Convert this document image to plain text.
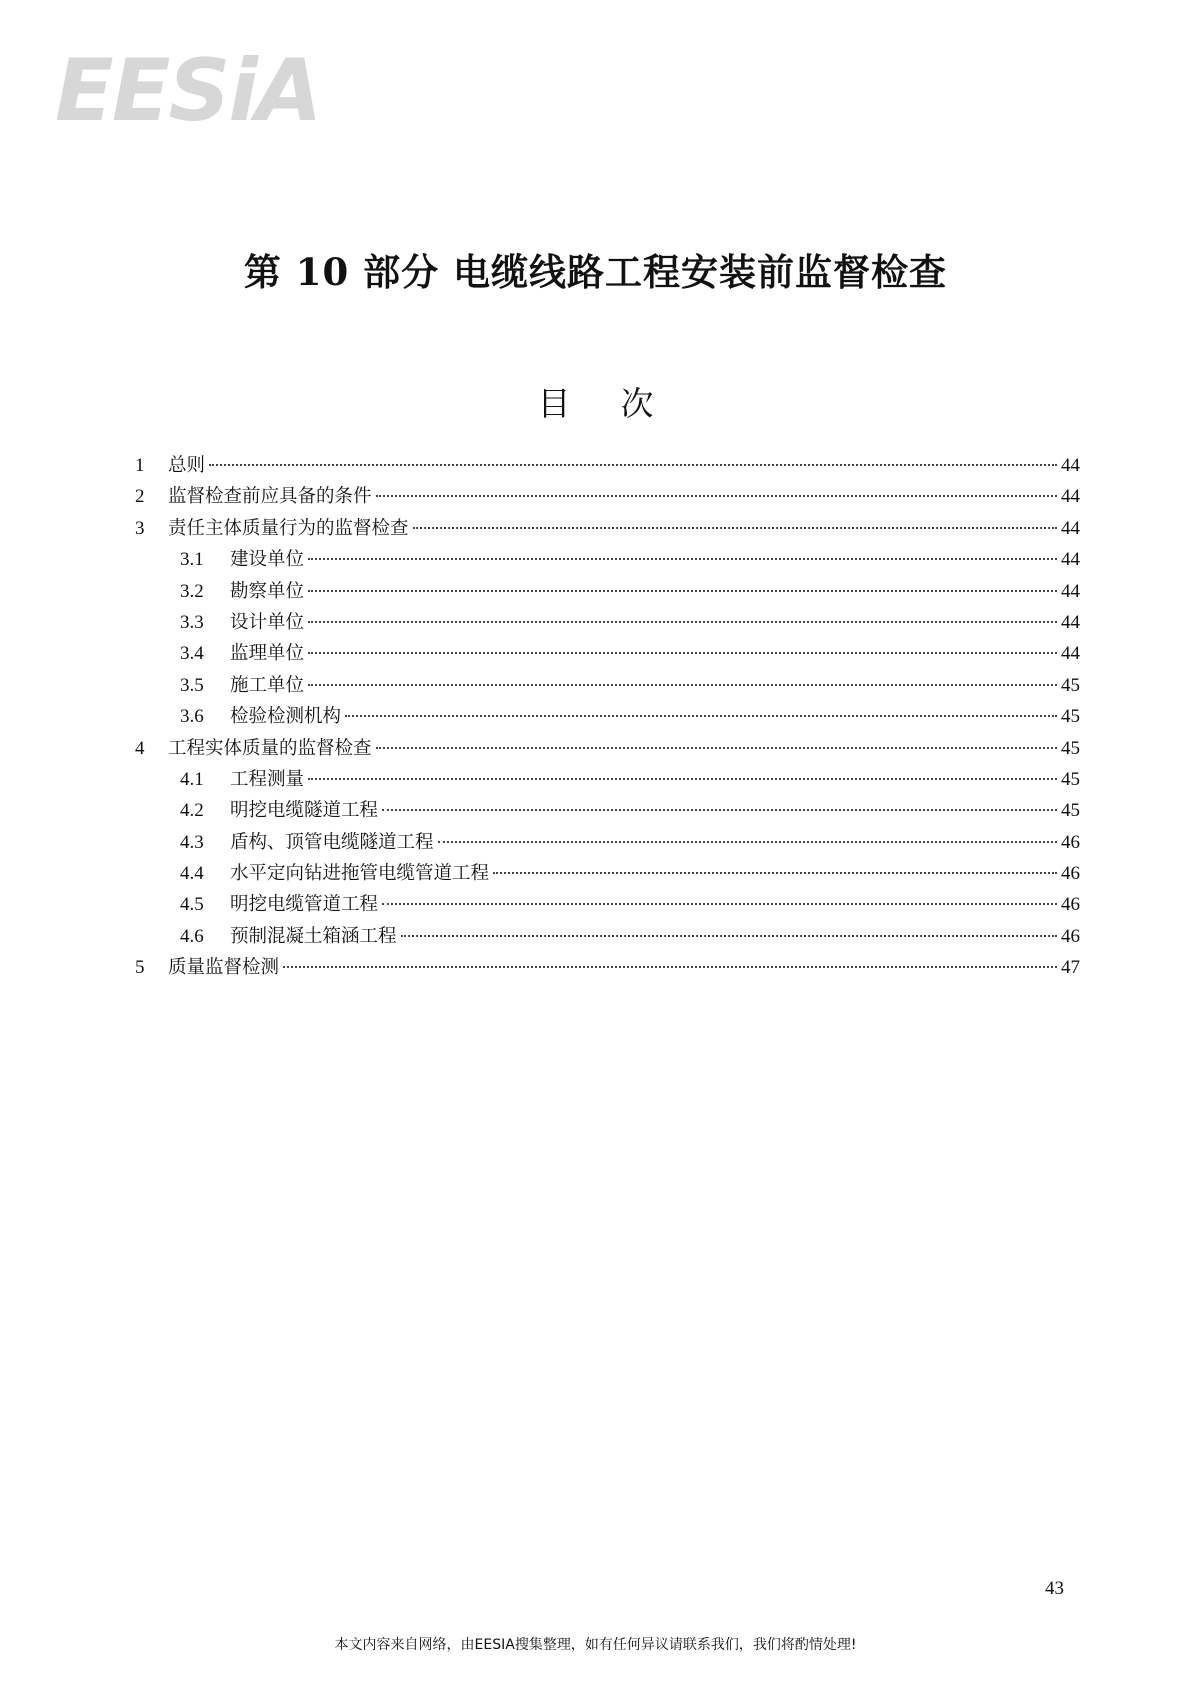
EESiA
第 10 部分 电缆线路工程安装前监督检查
目次
1	总则	44
2	监督检查前应具备的条件	44
3	责任主体质量行为的监督检查	44
3.1	建设单位	44
3.2	勘察单位	44
3.3	设计单位	44
3.4	监理单位	44
3.5	施工单位	45
3.6	检验检测机构	45
4	工程实体质量的监督检查	45
4.1	工程测量	45
4.2	明挖电缆隧道工程	45
4.3	盾构、顶管电缆隧道工程	46
4.4	水平定向钻进拖管电缆管道工程	46
4.5	明挖电缆管道工程	46
4.6	预制混凝土箱涵工程	46
5	质量监督检测	47
43
本文内容来自网络，由EESIA搜集整理，如有任何异议请联系我们，我们将酌情处理!
